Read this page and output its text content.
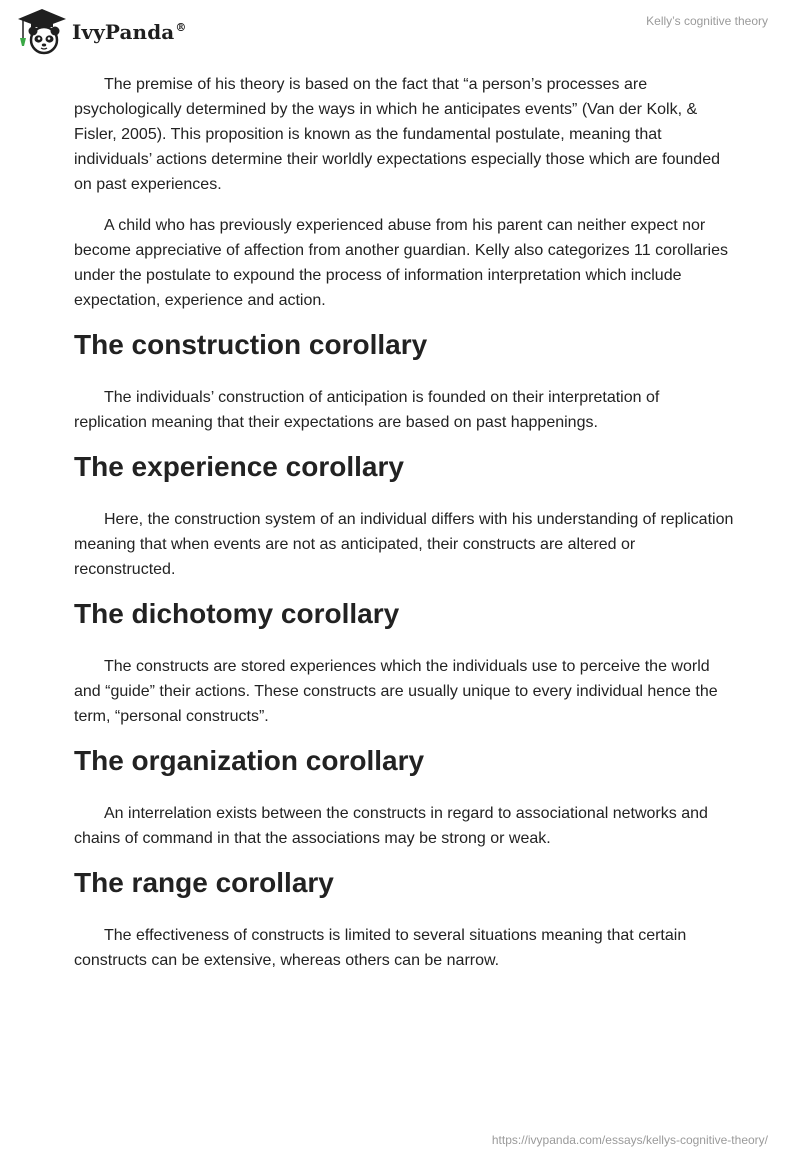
IvyPanda®	Kelly’s cognitive theory

The premise of his theory is based on the fact that “a person’s processes are psychologically determined by the ways in which he anticipates events” (Van der Kolk, & Fisler, 2005). This proposition is known as the fundamental postulate, meaning that individuals’ actions determine their worldly expectations especially those which are founded on past experiences.

A child who has previously experienced abuse from his parent can neither expect nor become appreciative of affection from another guardian. Kelly also categorizes 11 corollaries under the postulate to expound the process of information interpretation which include expectation, experience and action.

The construction corollary

The individuals’ construction of anticipation is founded on their interpretation of replication meaning that their expectations are based on past happenings.

The experience corollary

Here, the construction system of an individual differs with his understanding of replication meaning that when events are not as anticipated, their constructs are altered or reconstructed.

The dichotomy corollary

The constructs are stored experiences which the individuals use to perceive the world and “guide” their actions. These constructs are usually unique to every individual hence the term, “personal constructs”.

The organization corollary

An interrelation exists between the constructs in regard to associational networks and chains of command in that the associations may be strong or weak.

The range corollary

The effectiveness of constructs is limited to several situations meaning that certain constructs can be extensive, whereas others can be narrow.

https://ivypanda.com/essays/kellys-cognitive-theory/
